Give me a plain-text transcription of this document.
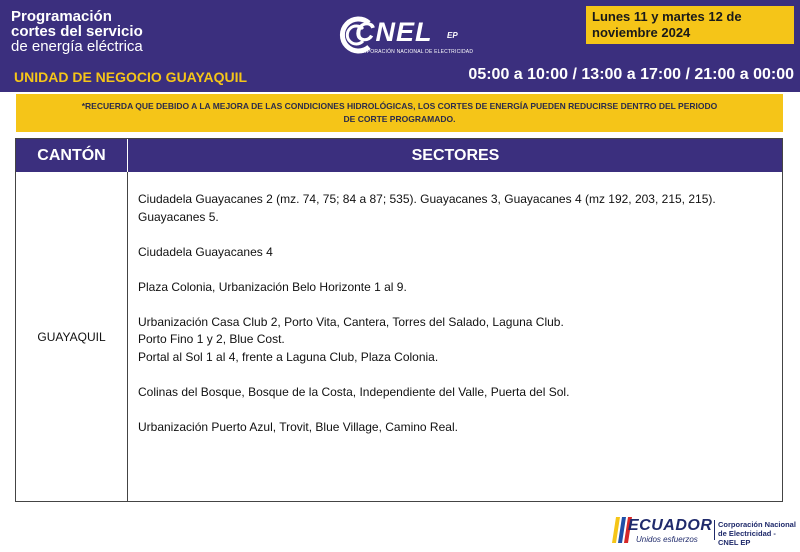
Programación
cortes del servicio
de energía eléctrica
UNIDAD DE NEGOCIO GUAYAQUIL
CNEL EP
CORPORACIÓN NACIONAL DE ELECTRICIDAD
Lunes 11 y martes 12 de noviembre 2024
05:00 a 10:00 / 13:00 a 17:00 / 21:00 a 00:00
*RECUERDA QUE DEBIDO A LA MEJORA DE LAS CONDICIONES HIDROLÓGICAS, LOS CORTES DE ENERGÍA PUEDEN REDUCIRSE DENTRO DEL PERIODO DE CORTE PROGRAMADO.
CANTÓN	SECTORES
GUAYAQUIL

Ciudadela Guayacanes 2 (mz. 74, 75; 84 a 87; 535). Guayacanes 3, Guayacanes 4 (mz 192, 203, 215, 215). Guayacanes 5.

Ciudadela Guayacanes 4

Plaza Colonia, Urbanización Belo Horizonte 1 al 9.

Urbanización Casa Club 2, Porto Vita, Cantera, Torres del Salado, Laguna Club.
Porto Fino 1 y 2, Blue Cost.
Portal al Sol 1 al 4, frente a Laguna Club, Plaza Colonia.

Colinas del Bosque, Bosque de la Costa, Independiente del Valle, Puerta del Sol.

Urbanización Puerto Azul, Trovit, Blue Village, Camino Real.

ECUADOR
Unidos esfuerzos
Corporación Nacional de Electricidad - CNEL EP
